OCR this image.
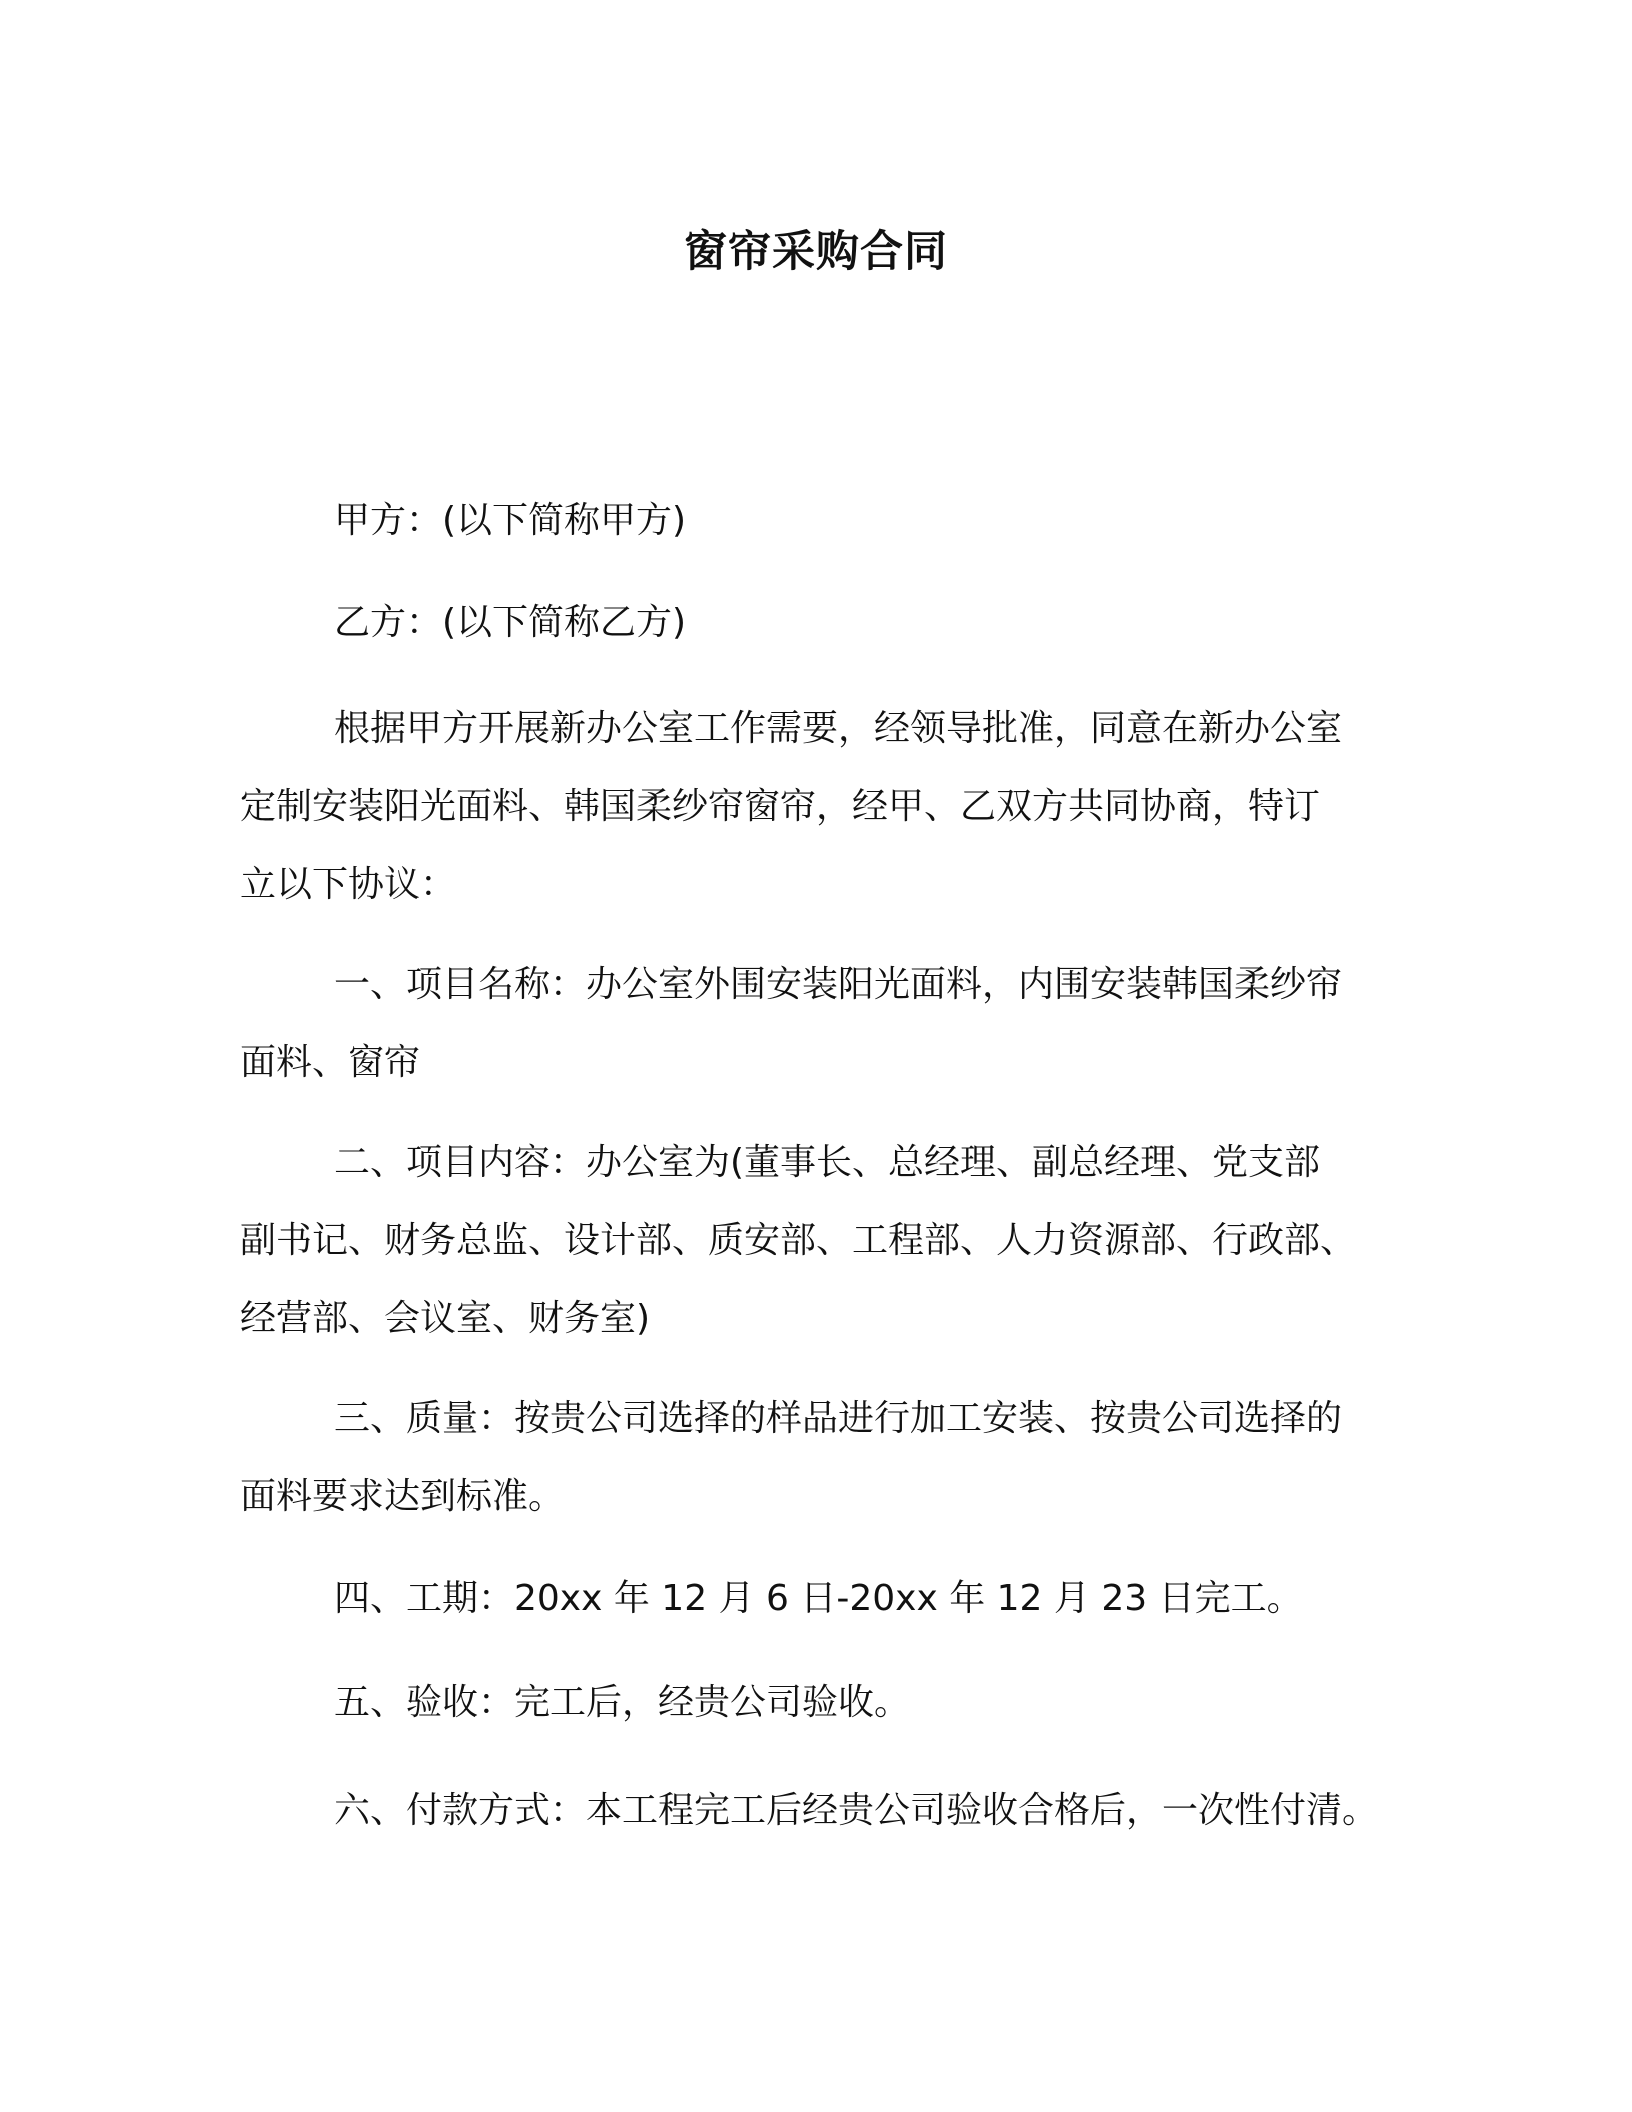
窗帘采购合同
甲方：(以下简称甲方)
乙方：(以下简称乙方)
根据甲方开展新办公室工作需要，经领导批准，同意在新办公室
定制安装阳光面料、韩国柔纱帘窗帘，经甲、乙双方共同协商，特订
立以下协议：
一、项目名称：办公室外围安装阳光面料，内围安装韩国柔纱帘
面料、窗帘
二、项目内容：办公室为(董事长、总经理、副总经理、党支部
副书记、财务总监、设计部、质安部、工程部、人力资源部、行政部、
经营部、会议室、财务室)
三、质量：按贵公司选择的样品进行加工安装、按贵公司选择的
面料要求达到标准。
四、工期：20xx 年 12 月 6 日-20xx 年 12 月 23 日完工。
五、验收：完工后，经贵公司验收。
六、付款方式：本工程完工后经贵公司验收合格后，一次性付清。
